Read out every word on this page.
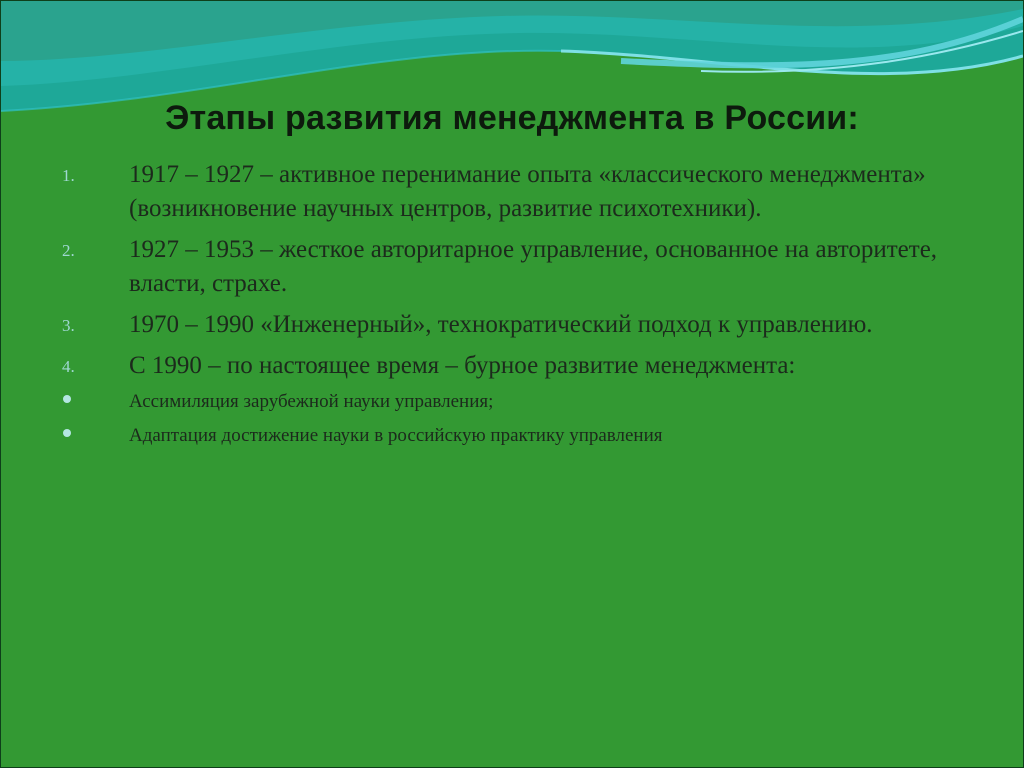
Этапы развития менеджмента в России:
1. 1917 – 1927 – активное перенимание опыта «классического менеджмента» (возникновение научных центров, развитие психотехники).
2. 1927 – 1953 – жесткое авторитарное управление, основанное на авторитете, власти, страхе.
3. 1970 – 1990 «Инженерный», технократический подход к управлению.
4. С 1990 – по настоящее время – бурное развитие менеджмента:
Ассимиляция зарубежной науки управления;
Адаптация достижение науки в российскую практику управления
